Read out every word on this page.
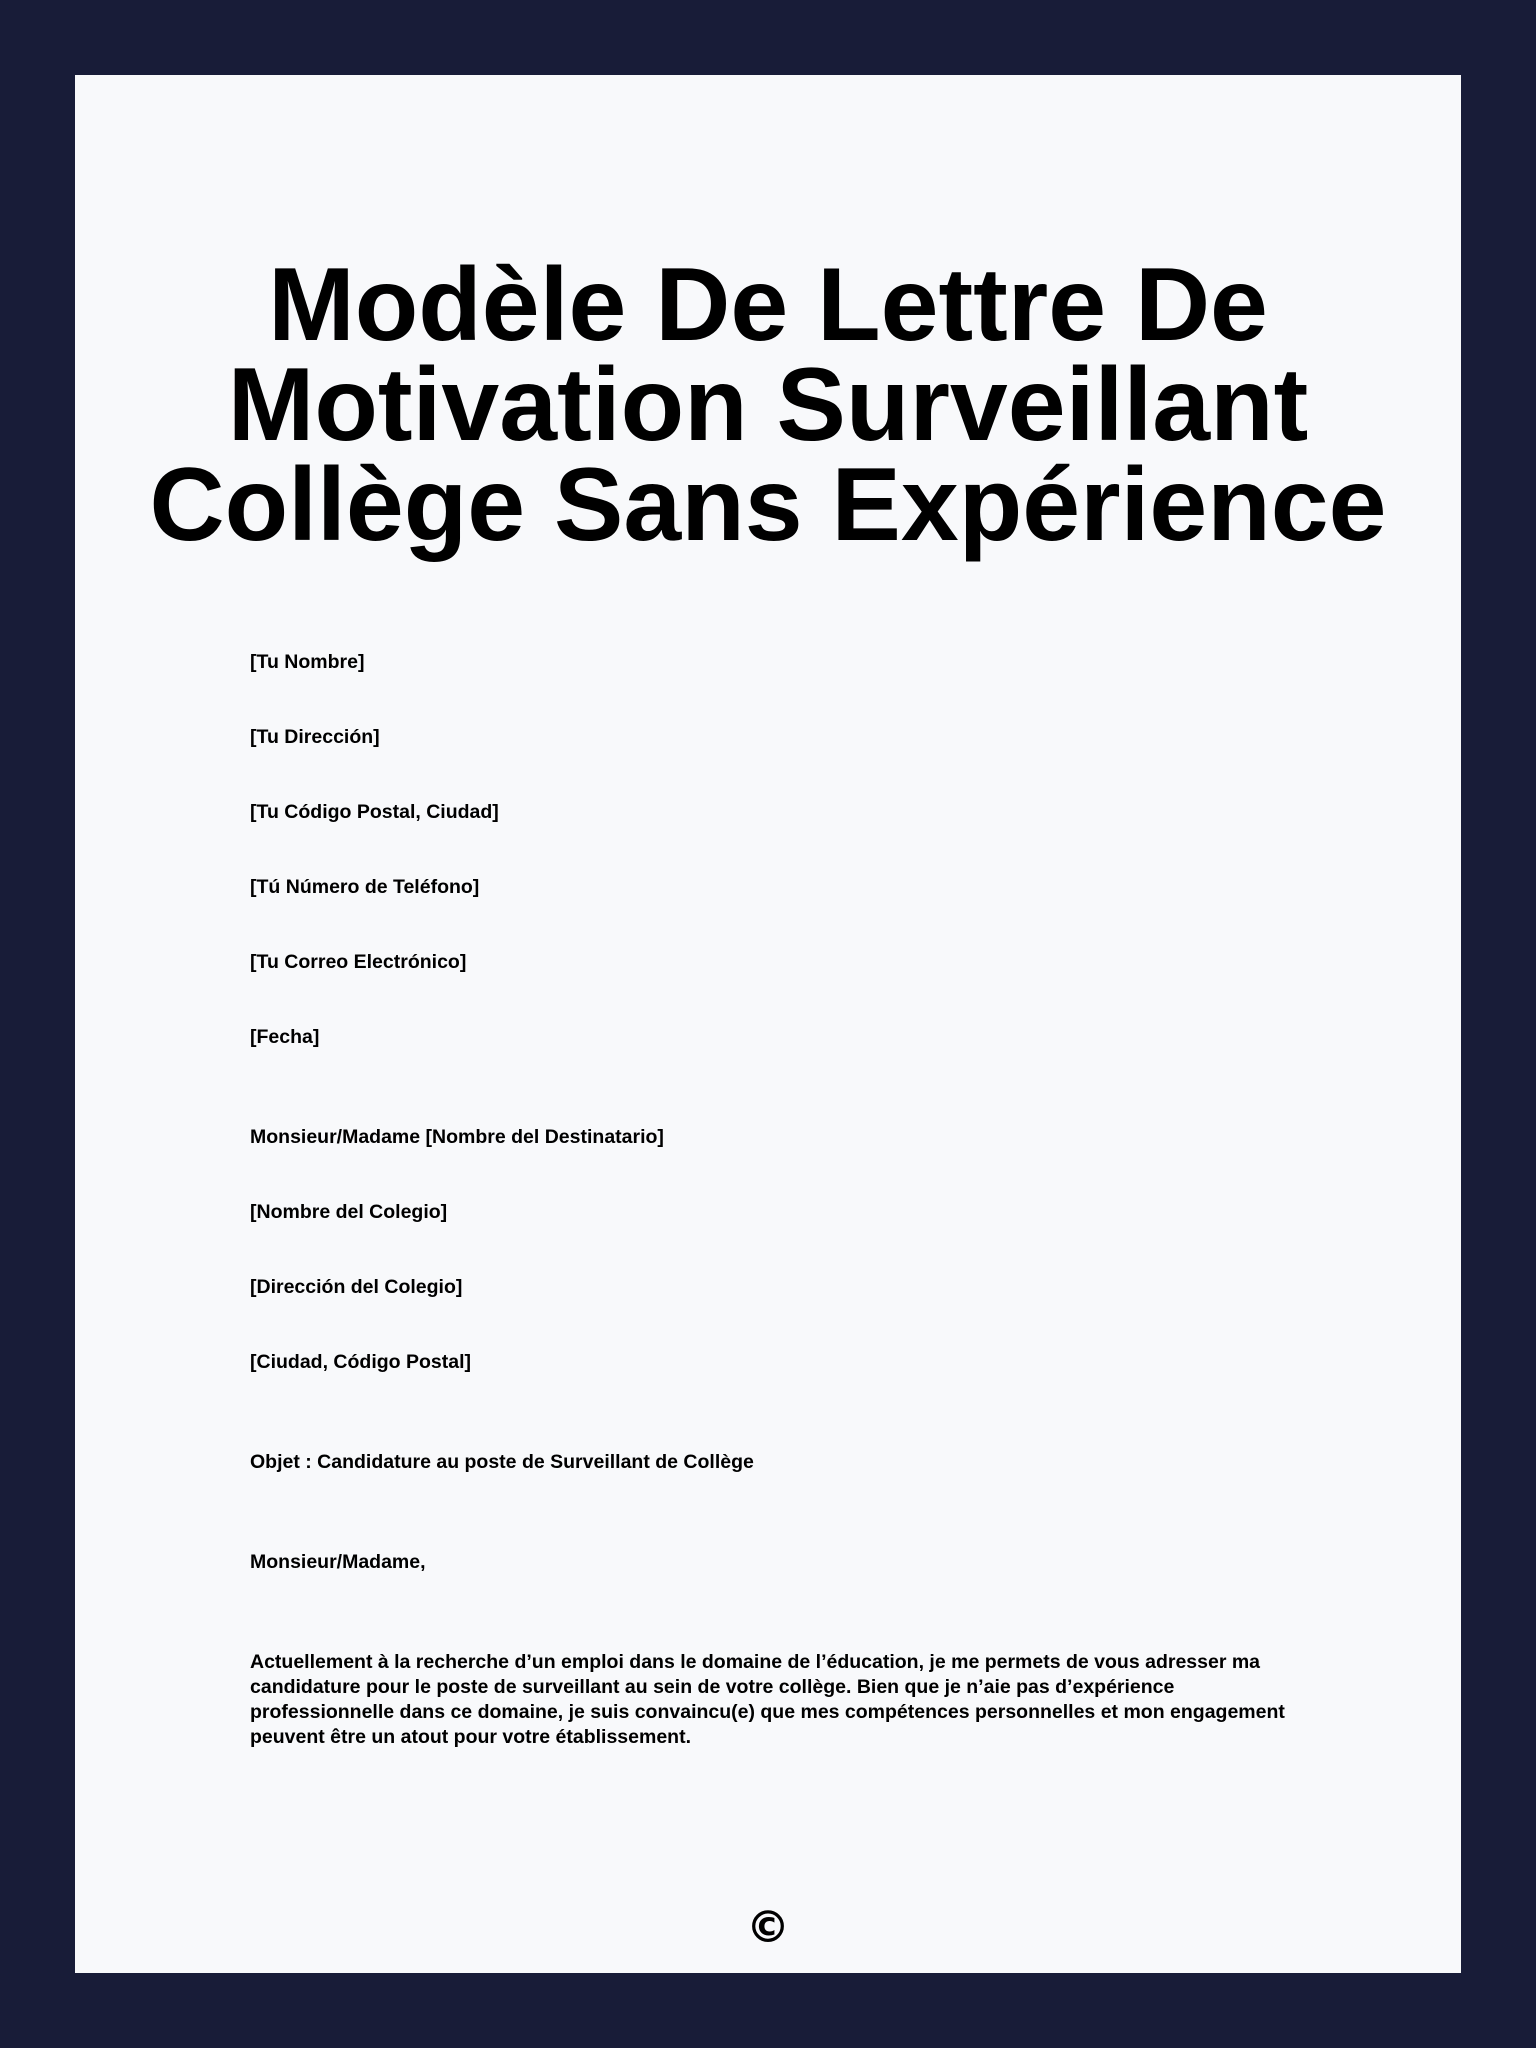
Modèle De Lettre De Motivation Surveillant Collège Sans Expérience

[Tu Nombre]

[Tu Dirección]

[Tu Código Postal, Ciudad]

[Tú Número de Teléfono]

[Tu Correo Electrónico]

[Fecha]

Monsieur/Madame [Nombre del Destinatario]

[Nombre del Colegio]

[Dirección del Colegio]

[Ciudad, Código Postal]

Objet : Candidature au poste de Surveillant de Collège

Monsieur/Madame,

Actuellement à la recherche d’un emploi dans le domaine de l’éducation, je me permets de vous adresser ma candidature pour le poste de surveillant au sein de votre collège. Bien que je n’aie pas d’expérience professionnelle dans ce domaine, je suis convaincu(e) que mes compétences personnelles et mon engagement peuvent être un atout pour votre établissement.

©
